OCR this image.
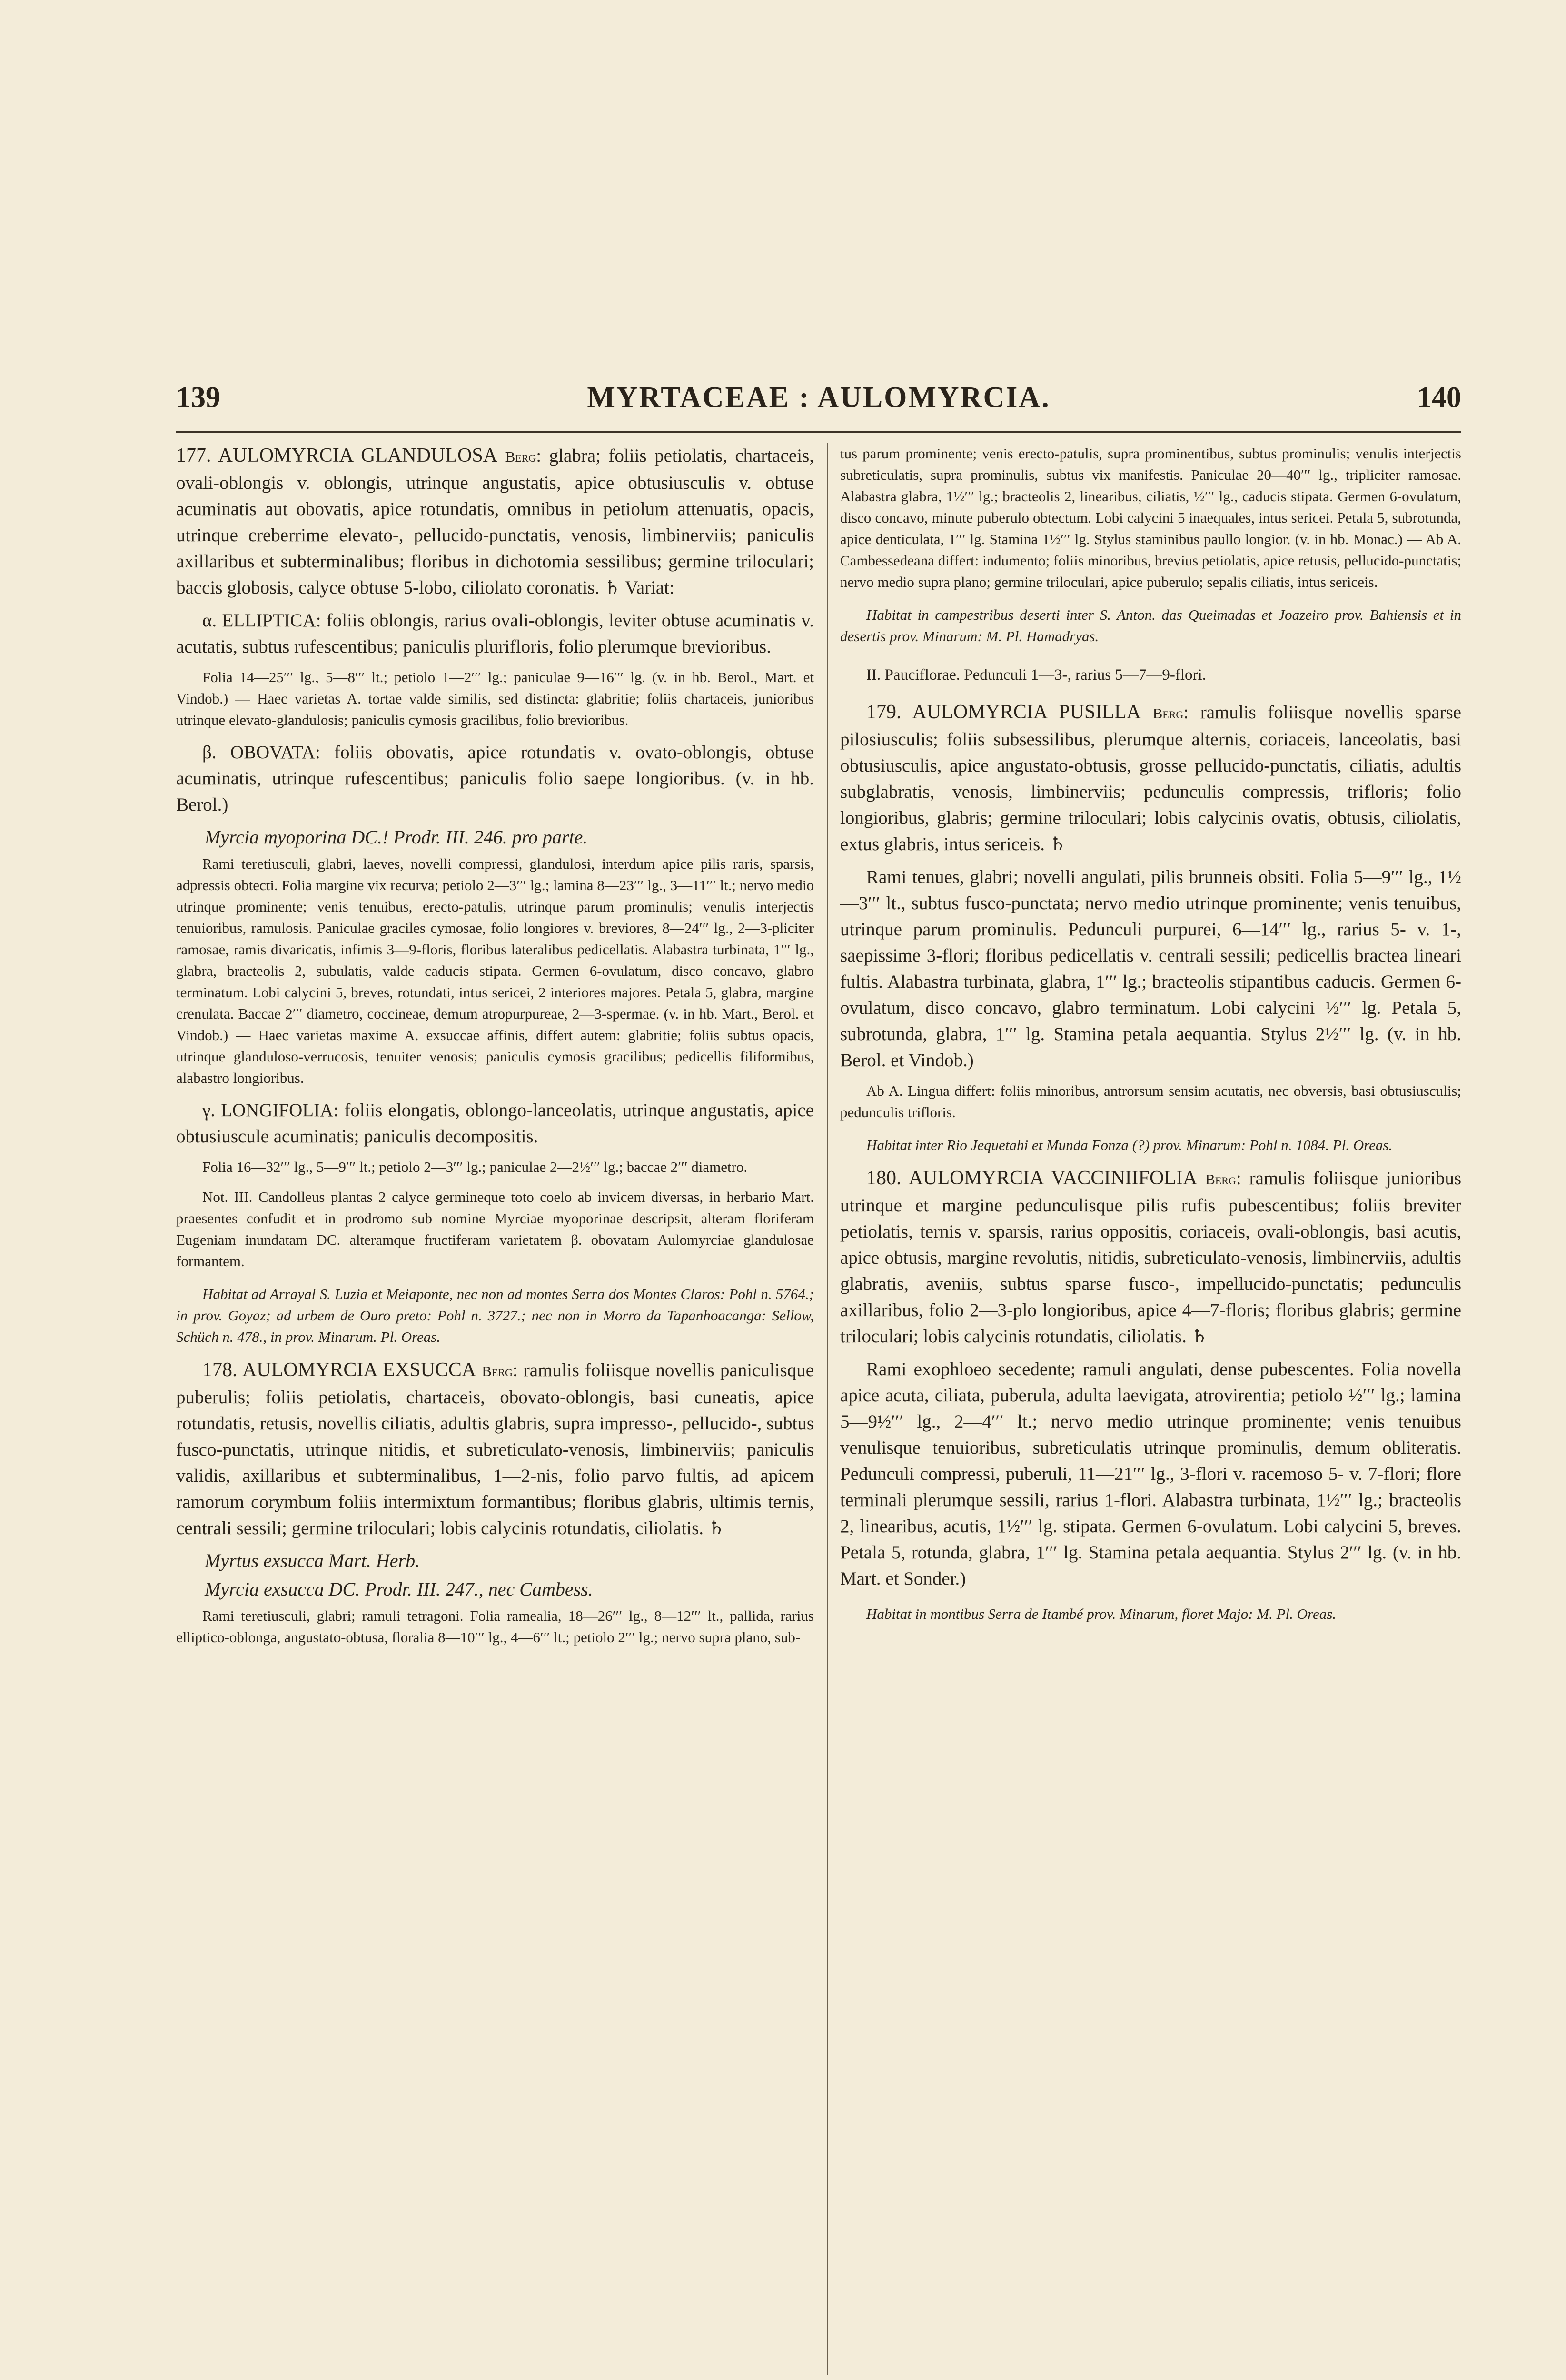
139	MYRTACEAE : AULOMYRCIA.	140

177. AULOMYRCIA GLANDULOSA Berg: glabra; foliis petiolatis, chartaceis, ovali-oblongis v. oblongis, utrinque angustatis, apice obtusiusculis v. obtuse acuminatis aut obovatis, apice rotundatis, omnibus in petiolum attenuatis, opacis, utrinque creberrime elevato-, pellucido-punctatis, venosis, limbinerviis; paniculis axillaribus et subterminalibus; floribus in dichotomia sessilibus; germine triloculari; baccis globosis, calyce obtuse 5-lobo, ciliolato coronatis. ♄ Variat:

α. ELLIPTICA: foliis oblongis, rarius ovali-oblongis, leviter obtuse acuminatis v. acutatis, subtus rufescentibus; paniculis plurifloris, folio plerumque brevioribus.

Folia 14—25′′′ lg., 5—8′′′ lt.; petiolo 1—2′′′ lg.; paniculae 9—16′′′ lg. (v. in hb. Berol., Mart. et Vindob.) — Haec varietas A. tortae valde similis, sed distincta: glabritie; foliis chartaceis, junioribus utrinque elevato-glandulosis; paniculis cymosis gracilibus, folio brevioribus.

β. OBOVATA: foliis obovatis, apice rotundatis v. ovato-oblongis, obtuse acuminatis, utrinque rufescentibus; paniculis folio saepe longioribus. (v. in hb. Berol.)

Myrcia myoporina DC.! Prodr. III. 246. pro parte.

Rami teretiusculi, glabri, laeves, novelli compressi, glandulosi, interdum apice pilis raris, sparsis, adpressis obtecti. Folia margine vix recurva; petiolo 2—3′′′ lg.; lamina 8—23′′′ lg., 3—11′′′ lt.; nervo medio utrinque prominente; venis tenuibus, erecto-patulis, utrinque parum prominulis; venulis interjectis tenuioribus, ramulosis. Paniculae graciles cymosae, folio longiores v. breviores, 8—24′′′ lg., 2—3-pliciter ramosae, ramis divaricatis, infimis 3—9-floris, floribus lateralibus pedicellatis. Alabastra turbinata, 1′′′ lg., glabra, bracteolis 2, subulatis, valde caducis stipata. Germen 6-ovulatum, disco concavo, glabro terminatum. Lobi calycini 5, breves, rotundati, intus sericei, 2 interiores majores. Petala 5, glabra, margine crenulata. Baccae 2′′′ diametro, coccineae, demum atropurpureae, 2—3-spermae. (v. in hb. Mart., Berol. et Vindob.) — Haec varietas maxime A. exsuccae affinis, differt autem: glabritie; foliis subtus opacis, utrinque glanduloso-verrucosis, tenuiter venosis; paniculis cymosis gracilibus; pedicellis filiformibus, alabastro longioribus.

γ. LONGIFOLIA: foliis elongatis, oblongo-lanceolatis, utrinque angustatis, apice obtusiuscule acuminatis; paniculis decompositis.

Folia 16—32′′′ lg., 5—9′′′ lt.; petiolo 2—3′′′ lg.; paniculae 2—2½′′′ lg.; baccae 2′′′ diametro.

Not. III. Candolleus plantas 2 calyce germineque toto coelo ab invicem diversas, in herbario Mart. praesentes confudit et in prodromo sub nomine Myrciae myoporinae descripsit, alteram floriferam Eugeniam inundatam DC. alteramque fructiferam varietatem β. obovatam Aulomyrciae glandulosae formantem.

Habitat ad Arrayal S. Luzia et Meiaponte, nec non ad montes Serra dos Montes Claros: Pohl n. 5764.; in prov. Goyaz; ad urbem de Ouro preto: Pohl n. 3727.; nec non in Morro da Tapanhoacanga: Sellow, Schüch n. 478., in prov. Minarum. Pl. Oreas.

178. AULOMYRCIA EXSUCCA Berg: ramulis foliisque novellis paniculisque puberulis; foliis petiolatis, chartaceis, obovato-oblongis, basi cuneatis, apice rotundatis, retusis, novellis ciliatis, adultis glabris, supra impresso-, pellucido-, subtus fusco-punctatis, utrinque nitidis, et subreticulato-venosis, limbinerviis; paniculis validis, axillaribus et subterminalibus, 1—2-nis, folio parvo fultis, ad apicem ramorum corymbum foliis intermixtum formantibus; floribus glabris, ultimis ternis, centrali sessili; germine triloculari; lobis calycinis rotundatis, ciliolatis. ♄

Myrtus exsucca Mart. Herb.

Myrcia exsucca DC. Prodr. III. 247., nec Cambess.

Rami teretiusculi, glabri; ramuli tetragoni. Folia ramealia, 18—26′′′ lg., 8—12′′′ lt., pallida, rarius elliptico-oblonga, angustato-obtusa, floralia 8—10′′′ lg., 4—6′′′ lt.; petiolo 2′′′ lg.; nervo supra plano, sub-

tus parum prominente; venis erecto-patulis, supra prominentibus, subtus prominulis; venulis interjectis subreticulatis, supra prominulis, subtus vix manifestis. Paniculae 20—40′′′ lg., tripliciter ramosae. Alabastra glabra, 1½′′′ lg.; bracteolis 2, linearibus, ciliatis, ½′′′ lg., caducis stipata. Germen 6-ovulatum, disco concavo, minute puberulo obtectum. Lobi calycini 5 inaequales, intus sericei. Petala 5, subrotunda, apice denticulata, 1′′′ lg. Stamina 1½′′′ lg. Stylus staminibus paullo longior. (v. in hb. Monac.) — Ab A. Cambessedeana differt: indumento; foliis minoribus, brevius petiolatis, apice retusis, pellucido-punctatis; nervo medio supra plano; germine triloculari, apice puberulo; sepalis ciliatis, intus sericeis.

Habitat in campestribus deserti inter S. Anton. das Queimadas et Joazeiro prov. Bahiensis et in desertis prov. Minarum: M. Pl. Hamadryas.

II. Pauciflorae. Pedunculi 1—3-, rarius 5—7—9-flori.

179. AULOMYRCIA PUSILLA Berg: ramulis foliisque novellis sparse pilosiusculis; foliis subsessilibus, plerumque alternis, coriaceis, lanceolatis, basi obtusiusculis, apice angustato-obtusis, grosse pellucido-punctatis, ciliatis, adultis subglabratis, venosis, limbinerviis; pedunculis compressis, trifloris; folio longioribus, glabris; germine triloculari; lobis calycinis ovatis, obtusis, ciliolatis, extus glabris, intus sericeis. ♄

Rami tenues, glabri; novelli angulati, pilis brunneis obsiti. Folia 5—9′′′ lg., 1½—3′′′ lt., subtus fusco-punctata; nervo medio utrinque prominente; venis tenuibus, utrinque parum prominulis. Pedunculi purpurei, 6—14′′′ lg., rarius 5- v. 1-, saepissime 3-flori; floribus pedicellatis v. centrali sessili; pedicellis bractea lineari fultis. Alabastra turbinata, glabra, 1′′′ lg.; bracteolis stipantibus caducis. Germen 6-ovulatum, disco concavo, glabro terminatum. Lobi calycini ½′′′ lg. Petala 5, subrotunda, glabra, 1′′′ lg. Stamina petala aequantia. Stylus 2½′′′ lg. (v. in hb. Berol. et Vindob.)

Ab A. Lingua differt: foliis minoribus, antrorsum sensim acutatis, nec obversis, basi obtusiusculis; pedunculis trifloris.

Habitat inter Rio Jequetahi et Munda Fonza (?) prov. Minarum: Pohl n. 1084. Pl. Oreas.

180. AULOMYRCIA VACCINIIFOLIA Berg: ramulis foliisque junioribus utrinque et margine pedunculisque pilis rufis pubescentibus; foliis breviter petiolatis, ternis v. sparsis, rarius oppositis, coriaceis, ovali-oblongis, basi acutis, apice obtusis, margine revolutis, nitidis, subreticulato-venosis, limbinerviis, adultis glabratis, aveniis, subtus sparse fusco-, impellucido-punctatis; pedunculis axillaribus, folio 2—3-plo longioribus, apice 4—7-floris; floribus glabris; germine triloculari; lobis calycinis rotundatis, ciliolatis. ♄

Rami exophloeo secedente; ramuli angulati, dense pubescentes. Folia novella apice acuta, ciliata, puberula, adulta laevigata, atrovirentia; petiolo ½′′′ lg.; lamina 5—9½′′′ lg., 2—4′′′ lt.; nervo medio utrinque prominente; venis tenuibus venulisque tenuioribus, subreticulatis utrinque prominulis, demum obliteratis. Pedunculi compressi, puberuli, 11—21′′′ lg., 3-flori v. racemoso 5- v. 7-flori; flore terminali plerumque sessili, rarius 1-flori. Alabastra turbinata, 1½′′′ lg.; bracteolis 2, linearibus, acutis, 1½′′′ lg. stipata. Germen 6-ovulatum. Lobi calycini 5, breves. Petala 5, rotunda, glabra, 1′′′ lg. Stamina petala aequantia. Stylus 2′′′ lg. (v. in hb. Mart. et Sonder.)

Habitat in montibus Serra de Itambé prov. Minarum, floret Majo: M. Pl. Oreas.
